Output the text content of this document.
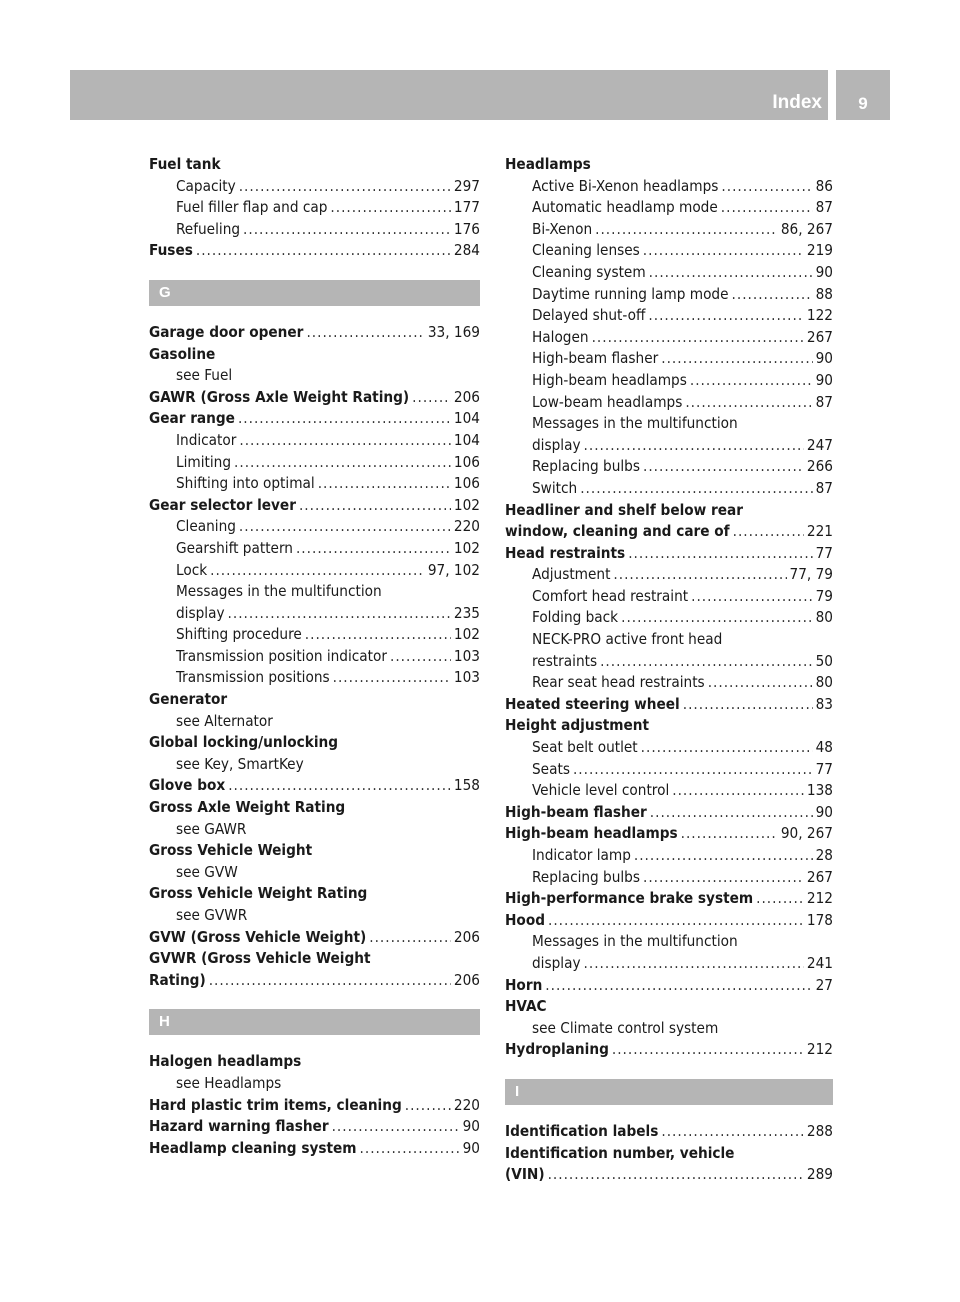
Index	9
Fuel tank
Capacity .....	297
Fuel filler flap and cap .....	177
Refueling .....	176
Fuses .....	284
G
Garage door opener .....	33, 169
Gasoline
see Fuel
GAWR (Gross Axle Weight Rating) .....	206
Gear range .....	104
Indicator .....	104
Limiting .....	106
Shifting into optimal .....	106
Gear selector lever .....	102
Cleaning .....	220
Gearshift pattern .....	102
Lock .....	97, 102
Messages in the multifunction
display .....	235
Shifting procedure .....	102
Transmission position indicator .....	103
Transmission positions .....	103
Generator
see Alternator
Global locking/unlocking
see Key, SmartKey
Glove box .....	158
Gross Axle Weight Rating
see GAWR
Gross Vehicle Weight
see GVW
Gross Vehicle Weight Rating
see GVWR
GVW (Gross Vehicle Weight) .....	206
GVWR (Gross Vehicle Weight
Rating) .....	206
H
Halogen headlamps
see Headlamps
Hard plastic trim items, cleaning .....	220
Hazard warning flasher .....	90
Headlamp cleaning system .....	90
Headlamps
Active Bi-Xenon headlamps .....	86
Automatic headlamp mode .....	87
Bi-Xenon .....	86, 267
Cleaning lenses .....	219
Cleaning system .....	90
Daytime running lamp mode .....	88
Delayed shut-off .....	122
Halogen .....	267
High-beam flasher .....	90
High-beam headlamps .....	90
Low-beam headlamps .....	87
Messages in the multifunction
display .....	247
Replacing bulbs .....	266
Switch .....	87
Headliner and shelf below rear
window, cleaning and care of .....	221
Head restraints .....	77
Adjustment .....	77, 79
Comfort head restraint .....	79
Folding back .....	80
NECK-PRO active front head
restraints .....	50
Rear seat head restraints .....	80
Heated steering wheel .....	83
Height adjustment
Seat belt outlet .....	48
Seats .....	77
Vehicle level control .....	138
High-beam flasher .....	90
High-beam headlamps .....	90, 267
Indicator lamp .....	28
Replacing bulbs .....	267
High-performance brake system .....	212
Hood .....	178
Messages in the multifunction
display .....	241
Horn .....	27
HVAC
see Climate control system
Hydroplaning .....	212
I
Identification labels .....	288
Identification number, vehicle
(VIN) .....	289
